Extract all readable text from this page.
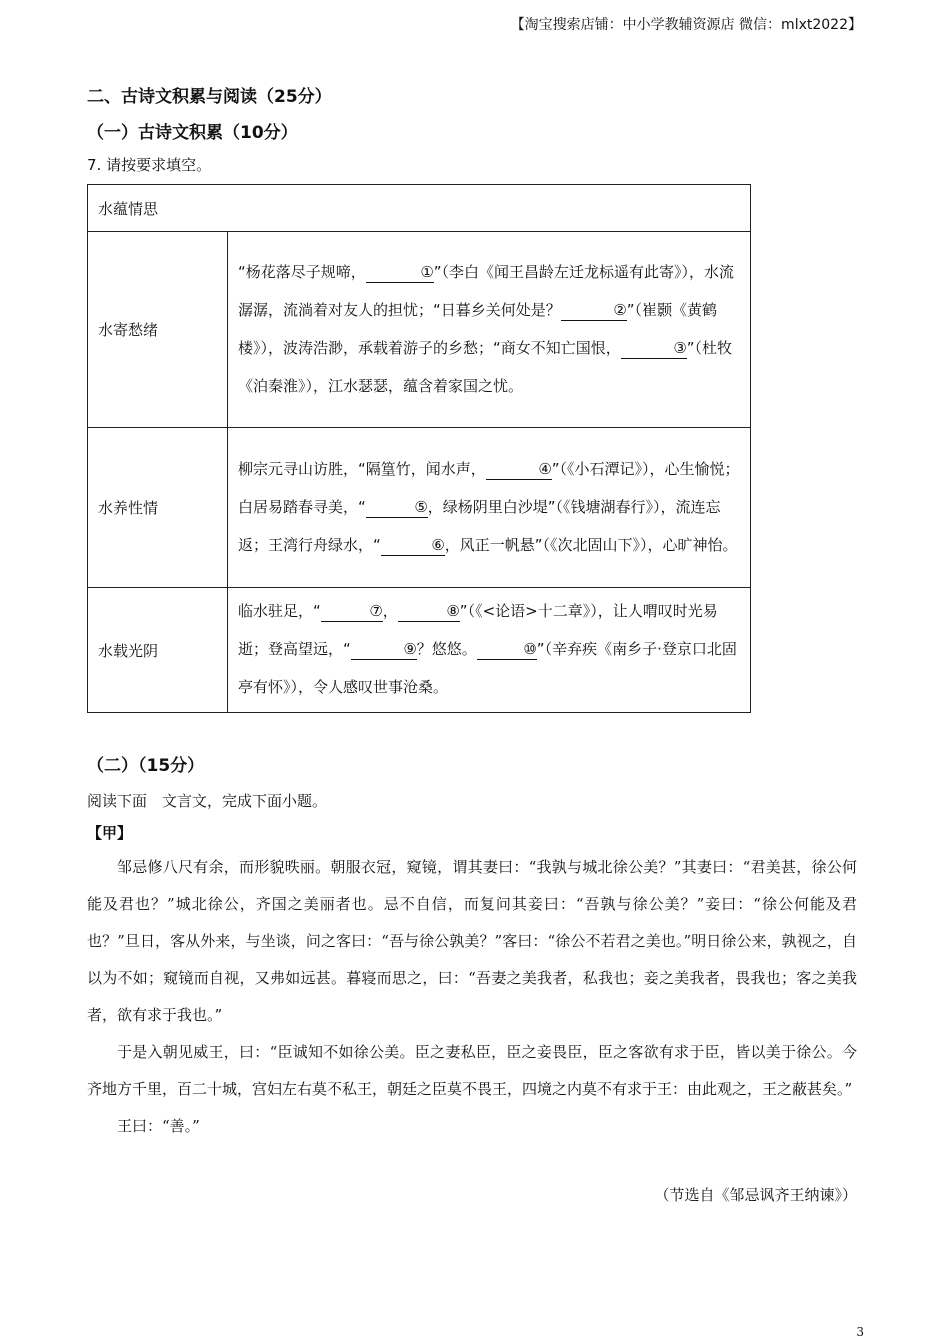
【淘宝搜索店铺：中小学教辅资源店 微信：mlxt2022】
二、古诗文积累与阅读（25分）
（一）古诗文积累（10分）
7. 请按要求填空。
水蕴情思	
水寄愁绪	“杨花落尽子规啼， ①”（李白《闻王昌龄左迁龙标遥有此寄》），水流潺潺，流淌着对友人的担忧；“日暮乡关何处是？ ②”（崔颢《黄鹤楼》），波涛浩渺，承载着游子的乡愁；“商女不知亡国恨， ③”（杜牧《泊秦淮》），江水瑟瑟，蕴含着家国之忧。
水养性情	柳宗元寻山访胜，“隔篁竹，闻水声， ④”（《小石潭记》），心生愉悦；白居易踏春寻美，“ ⑤，绿杨阴里白沙堤”（《钱塘湖春行》），流连忘返；王湾行舟绿水，“ ⑥，风正一帆悬”（《次北固山下》），心旷神怡。
水载光阴	临水驻足，“ ⑦， ⑧”（《<论语>十二章》），让人喟叹时光易逝；登高望远，“ ⑨？悠悠。 ⑩”（辛弃疾《南乡子·登京口北固亭有怀》），令人感叹世事沧桑。
（二）（15分）
阅读下面　文言文，完成下面小题。
【甲】
邹忌修八尺有余，而形貌昳丽。朝服衣冠，窥镜，谓其妻曰：“我孰与城北徐公美？”其妻曰：“君美甚，徐公何能及君也？”城北徐公，齐国之美丽者也。忌不自信，而复问其妾曰：“吾孰与徐公美？”妾曰：“徐公何能及君也？”旦日，客从外来，与坐谈，问之客曰：“吾与徐公孰美？”客曰：“徐公不若君之美也。”明日徐公来，孰视之，自以为不如；窥镜而自视，又弗如远甚。暮寝而思之，曰：“吾妻之美我者，私我也；妾之美我者，畏我也；客之美我者，欲有求于我也。”
于是入朝见威王，曰：“臣诚知不如徐公美。臣之妻私臣，臣之妾畏臣，臣之客欲有求于臣，皆以美于徐公。今齐地方千里，百二十城，宫妇左右莫不私王，朝廷之臣莫不畏王，四境之内莫不有求于王：由此观之，王之蔽甚矣。”
王曰：“善。”
（节选自《邹忌讽齐王纳谏》）
3
